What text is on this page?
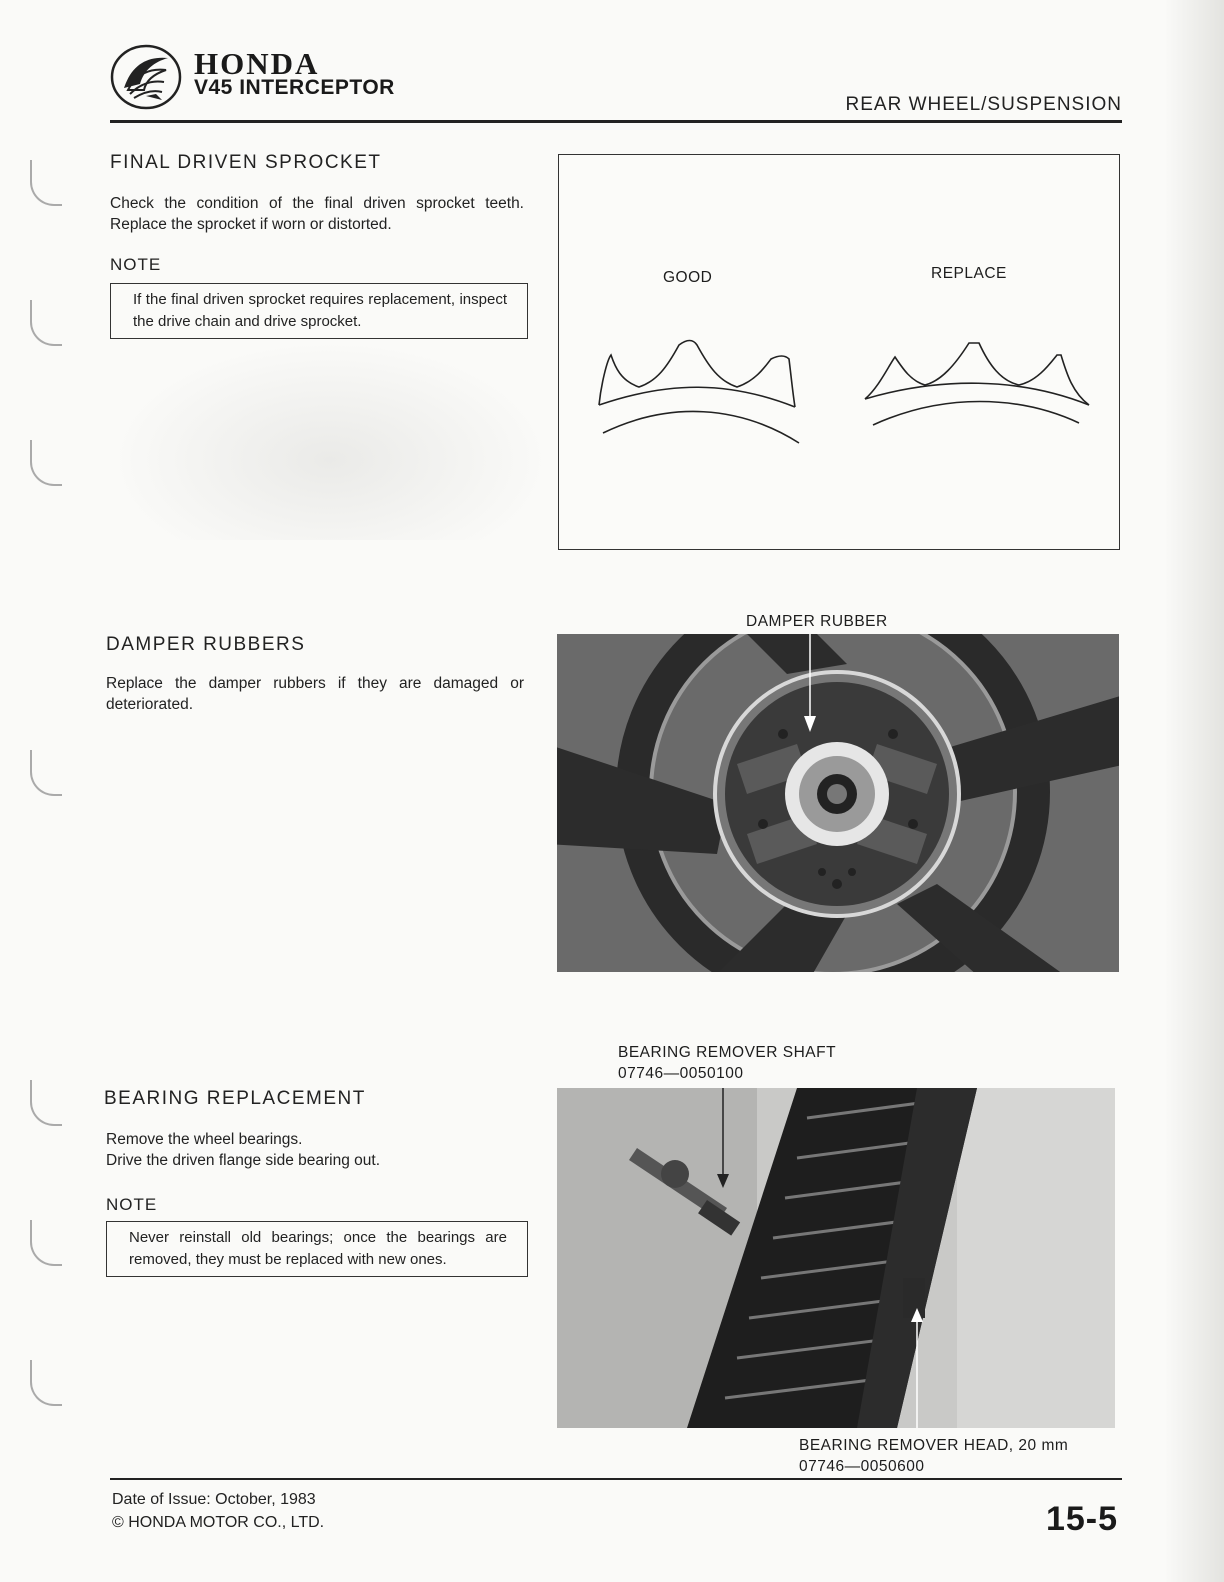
HONDA
V45 INTERCEPTOR
REAR WHEEL/SUSPENSION
FINAL DRIVEN SPROCKET
Check the condition of the final driven sprocket teeth. Replace the sprocket if worn or distorted.
NOTE
If the final driven sprocket requires replacement, inspect the drive chain and drive sprocket.
GOOD	REPLACE
DAMPER RUBBERS
Replace the damper rubbers if they are damaged or deteriorated.
DAMPER RUBBER
BEARING REPLACEMENT
Remove the wheel bearings.
Drive the driven flange side bearing out.
NOTE
Never reinstall old bearings; once the bearings are removed, they must be replaced with new ones.
BEARING REMOVER SHAFT
07746—0050100
BEARING REMOVER HEAD, 20 mm
07746—0050600
Date of Issue: October, 1983
© HONDA MOTOR CO., LTD.	15-5
